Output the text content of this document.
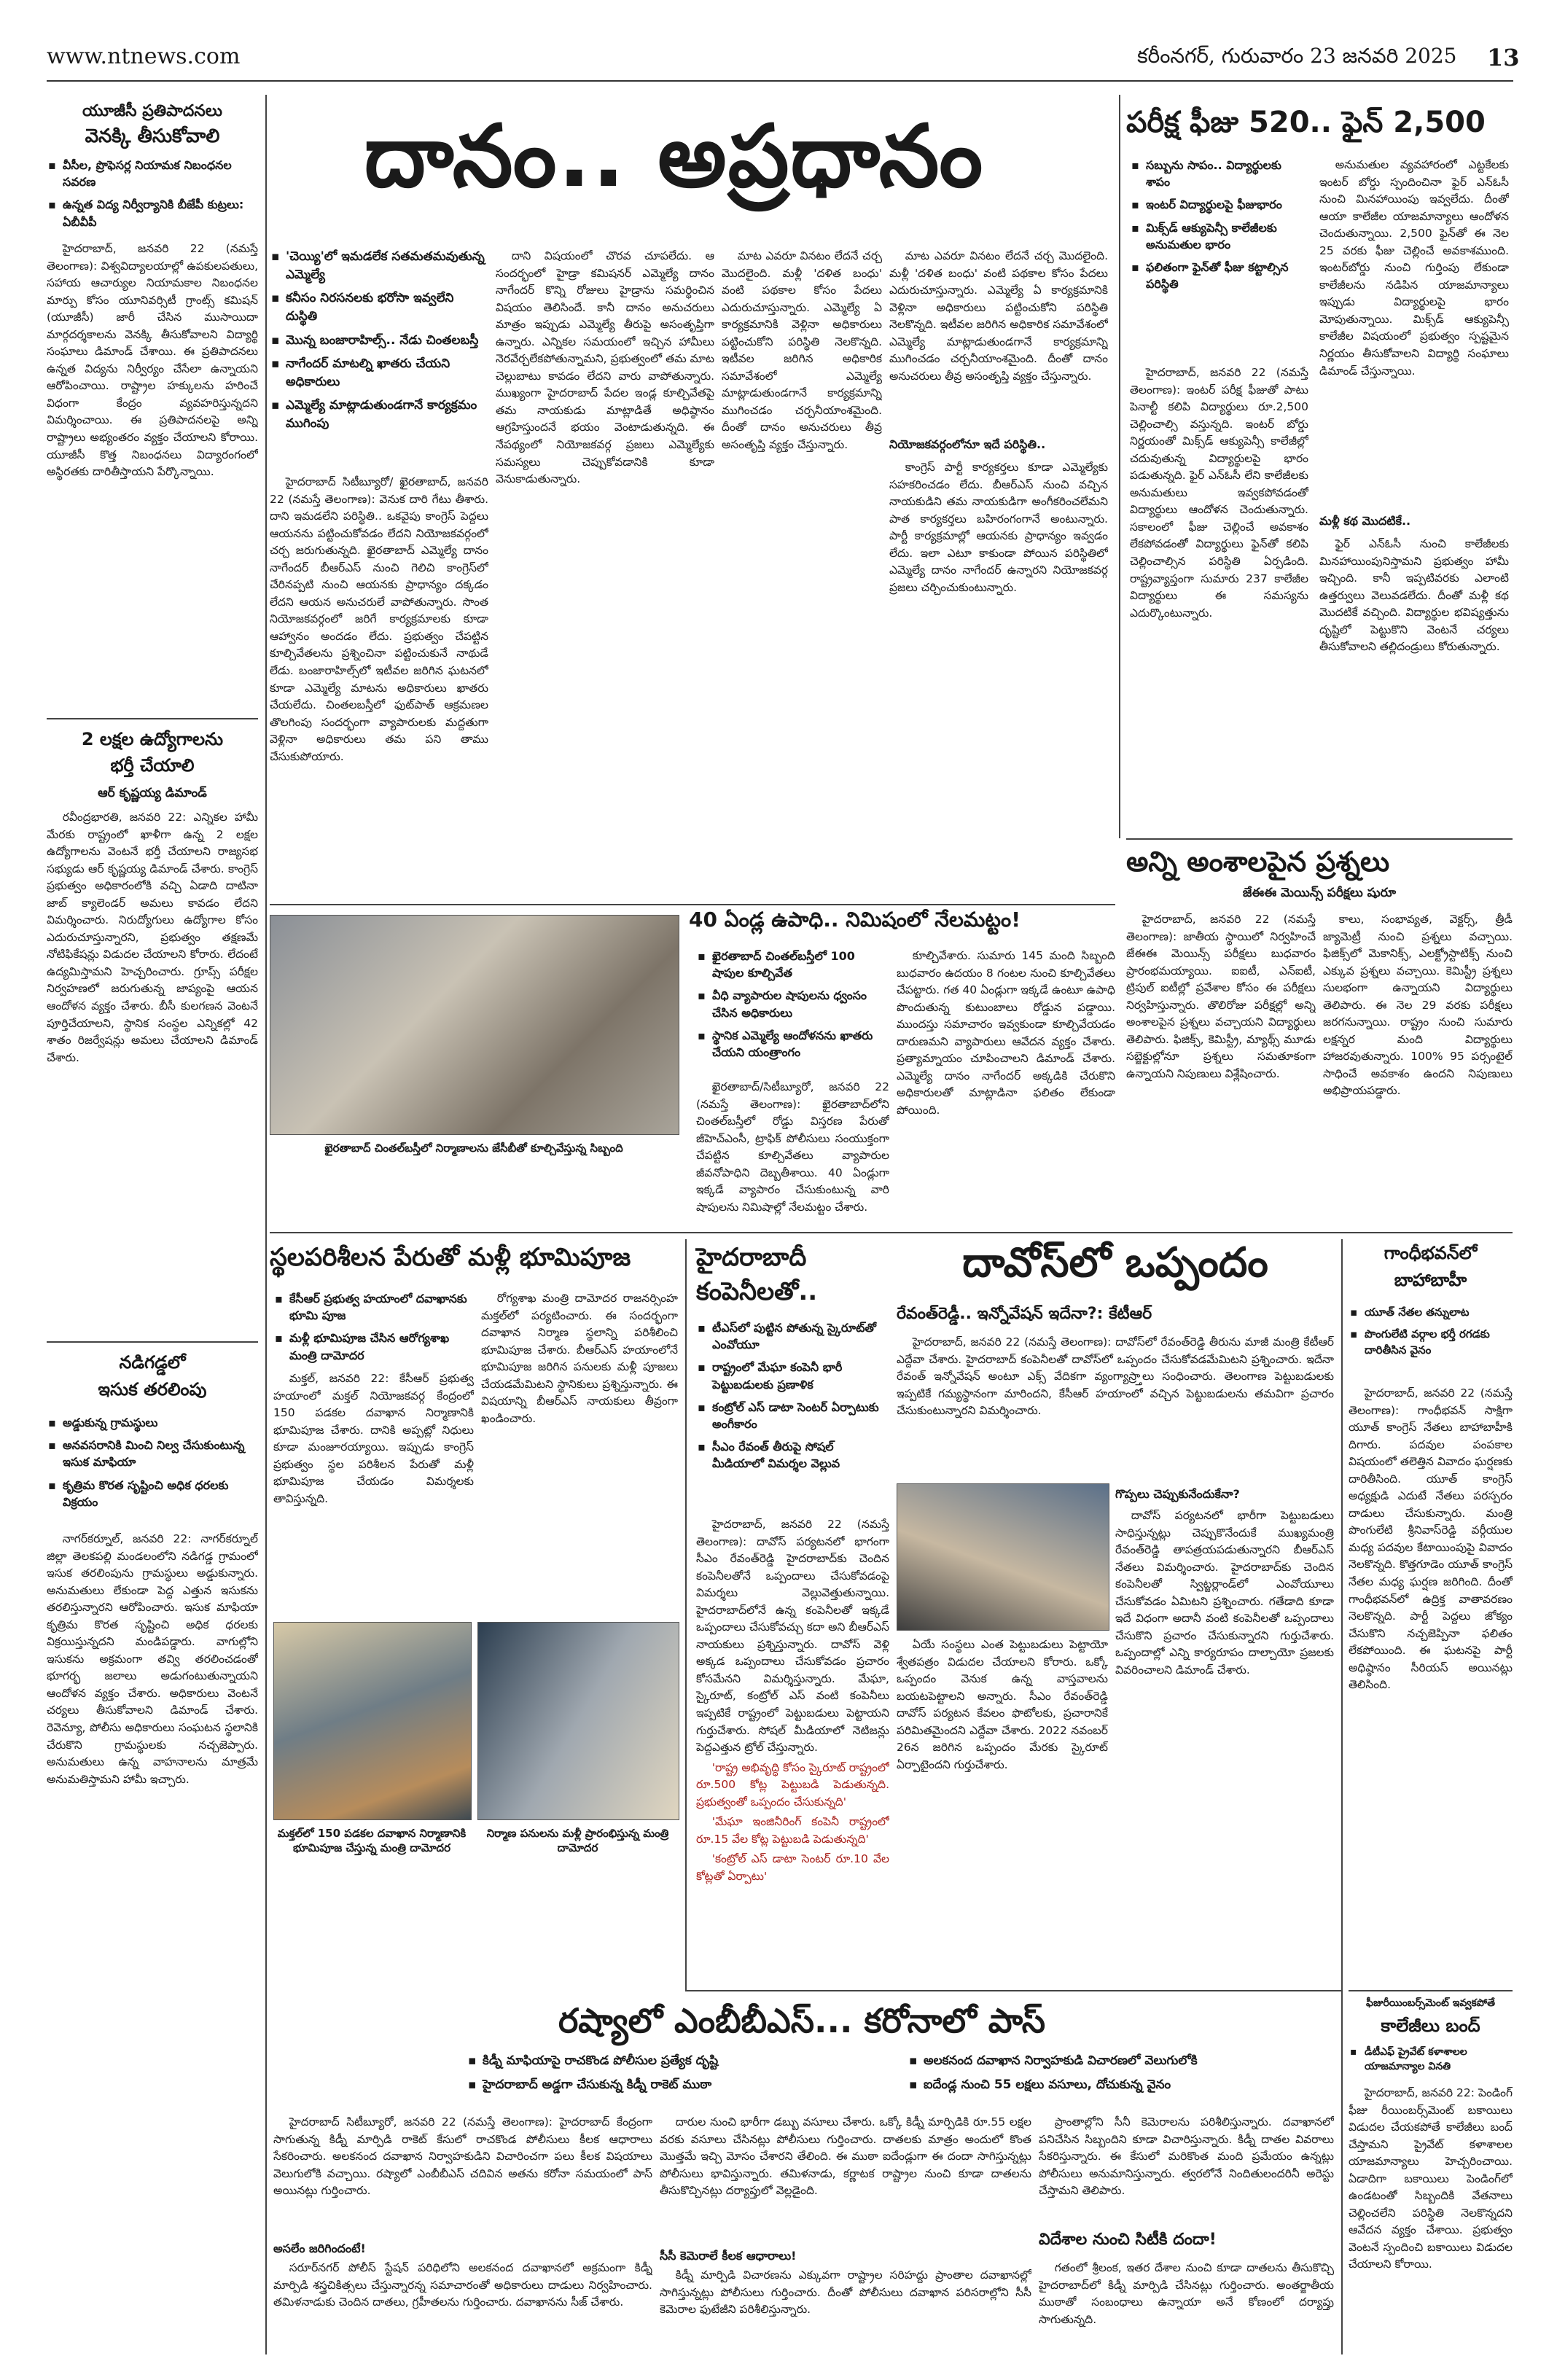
www.ntnews.com	కరీంనగర్, గురువారం 23 జనవరి 2025 13
యూజీసీ ప్రతిపాదనలు
వెనక్కి తీసుకోవాలి
▪ వీసీల, ప్రొఫెసర్ల నియామక నిబంధనల సవరణ
▪ ఉన్నత విద్య నిర్వీర్యానికి బీజేపీ కుట్రలు: ఏబీవీపీ

హైదరాబాద్‌, జనవరి 22 (నమస్తే తెలంగాణ): విశ్వవిద్యాలయాల్లో ఉపకులపతులు, సహాయ ఆచార్యుల నియామకాల నిబంధనల మార్పు కోసం యూనివర్సిటీ గ్రాంట్స్‌ కమిషన్‌ (యూజీసీ) జారీ చేసిన ముసాయిదా మార్గదర్శకాలను వెనక్కి తీసుకోవాలని విద్యార్థి సంఘాలు డిమాండ్‌ చేశాయి. ఈ ప్రతిపాదనలు ఉన్నత విద్యను నిర్వీర్యం చేసేలా ఉన్నాయని ఆరోపించాయి. రాష్ట్రాల హక్కులను హరించే విధంగా కేంద్రం వ్యవహరిస్తున్నదని విమర్శించాయి. ఈ ప్రతిపాదనలపై అన్ని రాష్ట్రాలు అభ్యంతరం వ్యక్తం చేయాలని కోరాయి. యూజీసీ కొత్త నిబంధనలు విద్యారంగంలో అస్థిరతకు దారితీస్తాయని పేర్కొన్నాయి.

2 లక్షల ఉద్యోగాలను
భర్తీ చేయాలి
ఆర్‌ కృష్ణయ్య డిమాండ్‌

రవీంద్రభారతి, జనవరి 22: ఎన్నికల హామీ మేరకు రాష్ట్రంలో ఖాళీగా ఉన్న 2 లక్షల ఉద్యోగాలను వెంటనే భర్తీ చేయాలని రాజ్యసభ సభ్యుడు ఆర్‌ కృష్ణయ్య డిమాండ్‌ చేశారు. కాంగ్రెస్‌ ప్రభుత్వం అధికారంలోకి వచ్చి ఏడాది దాటినా జాబ్‌ క్యాలెండర్‌ అమలు కావడం లేదని విమర్శించారు. నిరుద్యోగులు ఉద్యోగాల కోసం ఎదురుచూస్తున్నారని, ప్రభుత్వం తక్షణమే నోటిఫికేషన్లు విడుదల చేయాలని కోరారు. లేదంటే ఉద్యమిస్తామని హెచ్చరించారు. గ్రూప్స్‌ పరీక్షల నిర్వహణలో జరుగుతున్న జాప్యంపై ఆయన ఆందోళన వ్యక్తం చేశారు. బీసీ కులగణన వెంటనే పూర్తిచేయాలని, స్థానిక సంస్థల ఎన్నికల్లో 42 శాతం రిజర్వేషన్లు అమలు చేయాలని డిమాండ్‌ చేశారు.

నడిగడ్డలో
ఇసుక తరలింపు
▪ అడ్డుకున్న గ్రామస్థులు
▪ అనవసరానికి మించి నిల్వ చేసుకుంటున్న ఇసుక మాఫియా
▪ కృత్రిమ కొరత సృష్టించి అధిక ధరలకు విక్రయం

నాగర్‌కర్నూల్‌, జనవరి 22: నాగర్‌కర్నూల్‌ జిల్లా తెలకపల్లి మండలంలోని నడిగడ్డ గ్రామంలో ఇసుక తరలింపును గ్రామస్థులు అడ్డుకున్నారు. అనుమతులు లేకుండా పెద్ద ఎత్తున ఇసుకను తరలిస్తున్నారని ఆరోపించారు. ఇసుక మాఫియా కృత్రిమ కొరత సృష్టించి అధిక ధరలకు విక్రయిస్తున్నదని మండిపడ్డారు. వాగుల్లోని ఇసుకను అక్రమంగా తవ్వి తరలించడంతో భూగర్భ జలాలు అడుగంటుతున్నాయని ఆందోళన వ్యక్తం చేశారు. అధికారులు వెంటనే చర్యలు తీసుకోవాలని డిమాండ్‌ చేశారు. రెవెన్యూ, పోలీసు అధికారులు సంఘటన స్థలానికి చేరుకొని గ్రామస్థులకు నచ్చజెప్పారు. అనుమతులు ఉన్న వాహనాలను మాత్రమే అనుమతిస్తామని హామీ ఇచ్చారు.

దానం.. అప్రధానం
▪ 'చెయ్యి'లో ఇమడలేక సతమతమవుతున్న ఎమ్మెల్యే
▪ కనీసం నిరసనలకు భరోసా ఇవ్వలేని దుస్థితి
▪ మొన్న బంజారాహిల్స్‌.. నేడు చింతలబస్తీ
▪ నాగేందర్‌ మాటల్ని ఖాతరు చేయని అధికారులు
▪ ఎమ్మెల్యే మాట్లాడుతుండగానే కార్యక్రమం ముగింపు

హైదరాబాద్‌ సిటీబ్యూరో/ ఖైరతాబాద్‌, జనవరి 22 (నమస్తే తెలంగాణ): వెనుక దారి గేటు తీశారు. దాని ఇమడలేని పరిస్థితి.. ఒకవైపు కాంగ్రెస్‌ పెద్దలు ఆయనను పట్టించుకోవడం లేదని నియోజకవర్గంలో చర్చ జరుగుతున్నది. ఖైరతాబాద్‌ ఎమ్మెల్యే దానం నాగేందర్‌ బీఆర్‌ఎస్‌ నుంచి గెలిచి కాంగ్రెస్‌లో చేరినప్పటి నుంచి ఆయనకు ప్రాధాన్యం దక్కడం లేదని ఆయన అనుచరులే వాపోతున్నారు. సొంత నియోజకవర్గంలో జరిగే కార్యక్రమాలకు కూడా ఆహ్వానం అందడం లేదు. ప్రభుత్వం చేపట్టిన కూల్చివేతలను ప్రశ్నించినా పట్టించుకునే నాథుడే లేడు. బంజారాహిల్స్‌లో ఇటీవల జరిగిన ఘటనలో కూడా ఎమ్మెల్యే మాటను అధికారులు ఖాతరు చేయలేదు. చింతలబస్తీలో ఫుట్‌పాత్‌ ఆక్రమణల తొలగింపు సందర్భంగా వ్యాపారులకు మద్దతుగా వెళ్లినా అధికారులు తమ పని తాము చేసుకుపోయారు.

దాని విషయంలో చొరవ చూపలేదు. ఆ సందర్భంలో హైడ్రా కమిషనర్‌ ఎమ్మెల్యే దానం నాగేందర్‌ కొన్ని రోజులు హైడ్రాను సమర్థించిన విషయం తెలిసిందే. కానీ దానం అనుచరులు మాత్రం ఇప్పుడు ఎమ్మెల్యే తీరుపై అసంతృప్తిగా ఉన్నారు. ఎన్నికల సమయంలో ఇచ్చిన హామీలు నెరవేర్చలేకపోతున్నామని, ప్రభుత్వంలో తమ మాట చెల్లుబాటు కావడం లేదని వారు వాపోతున్నారు. ముఖ్యంగా హైదరాబాద్‌ పేదల ఇండ్ల కూల్చివేతపై తమ నాయకుడు మాట్లాడితే అధిష్ఠానం ఆగ్రహిస్తుందనే భయం వెంటాడుతున్నది. ఈ నేపథ్యంలో నియోజకవర్గ ప్రజలు ఎమ్మెల్యేకు సమస్యలు చెప్పుకోవడానికి కూడా వెనుకాడుతున్నారు.

మాట ఎవరూ వినటం లేదనే చర్చ మొదలైంది. మళ్లీ 'దళిత బంధు' వంటి పథకాల కోసం పేదలు ఎదురుచూస్తున్నారు. ఎమ్మెల్యే ఏ కార్యక్రమానికి వెళ్లినా అధికారులు పట్టించుకోని పరిస్థితి నెలకొన్నది. ఇటీవల జరిగిన అధికారిక సమావేశంలో ఎమ్మెల్యే మాట్లాడుతుండగానే కార్యక్రమాన్ని ముగించడం చర్చనీయాంశమైంది. దీంతో దానం అనుచరులు తీవ్ర అసంతృప్తి వ్యక్తం చేస్తున్నారు.	నియోజకవర్గంలోనూ ఇదే పరిస్థితి..

మాట ఎవరూ వినటం లేదనే చర్చ మొదలైంది. మళ్లీ 'దళిత బంధు' వంటి పథకాల కోసం పేదలు ఎదురుచూస్తున్నారు. ఎమ్మెల్యే ఏ కార్యక్రమానికి వెళ్లినా అధికారులు పట్టించుకోని పరిస్థితి నెలకొన్నది. ఇటీవల జరిగిన అధికారిక సమావేశంలో ఎమ్మెల్యే మాట్లాడుతుండగానే కార్యక్రమాన్ని ముగించడం చర్చనీయాంశమైంది. దీంతో దానం అనుచరులు తీవ్ర అసంతృప్తి వ్యక్తం చేస్తున్నారు.

కాంగ్రెస్‌ పార్టీ కార్యకర్తలు కూడా ఎమ్మెల్యేకు సహకరించడం లేదు. బీఆర్‌ఎస్‌ నుంచి వచ్చిన నాయకుడిని తమ నాయకుడిగా అంగీకరించలేమని పాత కార్యకర్తలు బహిరంగంగానే అంటున్నారు. పార్టీ కార్యక్రమాల్లో ఆయనకు ప్రాధాన్యం ఇవ్వడం లేదు. ఇలా ఎటూ కాకుండా పోయిన పరిస్థితిలో ఎమ్మెల్యే దానం నాగేందర్‌ ఉన్నారని నియోజకవర్గ ప్రజలు చర్చించుకుంటున్నారు.

పరీక్ష ఫీజు 520.. ఫైన్‌ 2,500
▪ సబ్బును సాపం.. విద్యార్థులకు శాపం
▪ ఇంటర్‌ విద్యార్థులపై ఫీజుభారం
▪ మిక్స్‌డ్‌ ఆక్యుపెన్సీ కాలేజీలకు అనుమతుల భారం
▪ ఫలితంగా ఫైన్‌తో ఫీజు కట్టాల్సిన పరిస్థితి

హైదరాబాద్‌, జనవరి 22 (నమస్తే తెలంగాణ): ఇంటర్‌ పరీక్ష ఫీజుతో పాటు పెనాల్టీ కలిపి విద్యార్థులు రూ.2,500 చెల్లించాల్సి వస్తున్నది. ఇంటర్‌ బోర్డు నిర్ణయంతో మిక్స్‌డ్‌ ఆక్యుపెన్సీ కాలేజీల్లో చదువుతున్న విద్యార్థులపై భారం పడుతున్నది. ఫైర్‌ ఎన్‌ఓసీ లేని కాలేజీలకు అనుమతులు ఇవ్వకపోవడంతో విద్యార్థులు ఆందోళన చెందుతున్నారు. సకాలంలో ఫీజు చెల్లించే అవకాశం లేకపోవడంతో విద్యార్థులు ఫైన్‌తో కలిపి చెల్లించాల్సిన పరిస్థితి ఏర్పడింది. రాష్ట్రవ్యాప్తంగా సుమారు 237 కాలేజీల విద్యార్థులు ఈ సమస్యను ఎదుర్కొంటున్నారు.

అనుమతుల వ్యవహారంలో ఎట్టకేలకు ఇంటర్‌ బోర్డు స్పందించినా ఫైర్‌ ఎన్‌ఓసీ నుంచి మినహాయింపు ఇవ్వలేదు. దీంతో ఆయా కాలేజీల యాజమాన్యాలు ఆందోళన చెందుతున్నాయి. 2,500 ఫైన్‌తో ఈ నెల 25 వరకు ఫీజు చెల్లించే అవకాశముంది. ఇంటర్‌బోర్డు నుంచి గుర్తింపు లేకుండా కాలేజీలను నడిపిన యాజమాన్యాలు ఇప్పుడు విద్యార్థులపై భారం మోపుతున్నాయి. మిక్స్‌డ్‌ ఆక్యుపెన్సీ కాలేజీల విషయంలో ప్రభుత్వం స్పష్టమైన నిర్ణయం తీసుకోవాలని విద్యార్థి సంఘాలు డిమాండ్‌ చేస్తున్నాయి.

మళ్లీ కథ మొదటికే..

ఫైర్‌ ఎన్‌ఓసీ నుంచి కాలేజీలకు మినహాయింపునిస్తామని ప్రభుత్వం హామీ ఇచ్చింది. కానీ ఇప్పటివరకు ఎలాంటి ఉత్తర్వులు వెలువడలేదు. దీంతో మళ్లీ కథ మొదటికే వచ్చింది. విద్యార్థుల భవిష్యత్తును దృష్టిలో పెట్టుకొని వెంటనే చర్యలు తీసుకోవాలని తల్లిదండ్రులు కోరుతున్నారు.

అన్ని అంశాలపైన ప్రశ్నలు
జేఈఈ మెయిన్స్‌ పరీక్షలు షురూ

హైదరాబాద్‌, జనవరి 22 (నమస్తే తెలంగాణ): జాతీయ స్థాయిలో నిర్వహించే జేఈఈ మెయిన్స్‌ పరీక్షలు బుధవారం ప్రారంభమయ్యాయి. ఐఐటీ, ఎన్‌ఐటీ, ట్రిపుల్‌ ఐటీల్లో ప్రవేశాల కోసం ఈ పరీక్షలు నిర్వహిస్తున్నారు. తొలిరోజు పరీక్షల్లో అన్ని అంశాలపైన ప్రశ్నలు వచ్చాయని విద్యార్థులు తెలిపారు. ఫిజిక్స్‌, కెమిస్ట్రీ, మ్యాథ్స్‌ మూడు సబ్జెక్టుల్లోనూ ప్రశ్నలు సమతూకంగా ఉన్నాయని నిపుణులు విశ్లేషించారు.

కాలు, సంభావ్యత, వెక్టర్స్‌, త్రీడీ జ్యామెట్రీ నుంచి ప్రశ్నలు వచ్చాయి. ఫిజిక్స్‌లో మెకానిక్స్‌, ఎలక్ట్రోస్టాటిక్స్‌ నుంచి ఎక్కువ ప్రశ్నలు వచ్చాయి. కెమిస్ట్రీ ప్రశ్నలు సులభంగా ఉన్నాయని విద్యార్థులు తెలిపారు. ఈ నెల 29 వరకు పరీక్షలు జరగనున్నాయి. రాష్ట్రం నుంచి సుమారు లక్షన్నర మంది విద్యార్థులు హాజరవుతున్నారు. 100% 95 పర్సంటైల్‌ సాధించే అవకాశం ఉందని నిపుణులు అభిప్రాయపడ్డారు.

ఖైరతాబాద్‌ చింతల్‌బస్తీలో నిర్మాణాలను జేసీబీతో కూల్చివేస్తున్న సిబ్బంది
40 ఏండ్ల ఉపాధి.. నిమిషంలో నేలమట్టం!
▪ ఖైరతాబాద్‌ చింతల్‌బస్తీలో 100 షాపుల కూల్చివేత
▪ వీధి వ్యాపారుల షాపులను ధ్వంసం చేసిన అధికారులు
▪ స్థానిక ఎమ్మెల్యే ఆందోళనను ఖాతరు చేయని యంత్రాంగం

ఖైరతాబాద్‌/సిటీబ్యూరో, జనవరి 22 (నమస్తే తెలంగాణ): ఖైరతాబాద్‌లోని చింతల్‌బస్తీలో రోడ్డు విస్తరణ పేరుతో జీహెచ్‌ఎంసీ, ట్రాఫిక్‌ పోలీసులు సంయుక్తంగా చేపట్టిన కూల్చివేతలు వ్యాపారుల జీవనోపాధిని దెబ్బతీశాయి. 40 ఏండ్లుగా ఇక్కడే వ్యాపారం చేసుకుంటున్న వారి షాపులను నిమిషాల్లో నేలమట్టం చేశారు.

కూల్చివేశారు. సుమారు 145 మంది సిబ్బంది బుధవారం ఉదయం 8 గంటల నుంచి కూల్చివేతలు చేపట్టారు. గత 40 ఏండ్లుగా ఇక్కడే ఉంటూ ఉపాధి పొందుతున్న కుటుంబాలు రోడ్డున పడ్డాయి. ముందస్తు సమాచారం ఇవ్వకుండా కూల్చివేయడం దారుణమని వ్యాపారులు ఆవేదన వ్యక్తం చేశారు. ప్రత్యామ్నాయం చూపించాలని డిమాండ్‌ చేశారు. ఎమ్మెల్యే దానం నాగేందర్‌ అక్కడికి చేరుకొని అధికారులతో మాట్లాడినా ఫలితం లేకుండా పోయింది.

స్థలపరిశీలన పేరుతో మళ్లీ భూమిపూజ
▪ కేసీఆర్‌ ప్రభుత్వ హయాంలో దవాఖానకు భూమి పూజ
▪ మళ్లీ భూమిపూజ చేసిన ఆరోగ్యశాఖ మంత్రి దామోదర

మక్తల్‌, జనవరి 22: కేసీఆర్‌ ప్రభుత్వ హయాంలో మక్తల్‌ నియోజకవర్గ కేంద్రంలో 150 పడకల దవాఖాన నిర్మాణానికి భూమిపూజ చేశారు. దానికి అప్పట్లో నిధులు కూడా మంజూరయ్యాయి. ఇప్పుడు కాంగ్రెస్‌ ప్రభుత్వం స్థల పరిశీలన పేరుతో మళ్లీ భూమిపూజ చేయడం విమర్శలకు తావిస్తున్నది.

రోగ్యశాఖ మంత్రి దామోదర రాజనర్సింహ మక్తల్‌లో పర్యటించారు. ఈ సందర్భంగా దవాఖాన నిర్మాణ స్థలాన్ని పరిశీలించి భూమిపూజ చేశారు. బీఆర్‌ఎస్‌ హయాంలోనే భూమిపూజ జరిగిన పనులకు మళ్లీ పూజలు చేయడమేమిటని స్థానికులు ప్రశ్నిస్తున్నారు. ఈ విషయాన్ని బీఆర్‌ఎస్‌ నాయకులు తీవ్రంగా ఖండించారు.

మక్తల్‌లో 150 పడకల దవాఖాన నిర్మాణానికి భూమిపూజ చేస్తున్న మంత్రి దామోదర
నిర్మాణ పనులను మళ్లీ ప్రారంభిస్తున్న మంత్రి దామోదర
హైదరాబాదీ
కంపెనీలతో..
▪ టీఎస్‌లో పుట్టిన పోతున్న స్కైరూట్‌తో ఎంవోయూ
▪ రాష్ట్రంలో మేఘా కంపెనీ భారీ పెట్టుబడులకు ప్రణాళిక
▪ కంట్రోల్‌ ఎస్‌ డాటా సెంటర్‌ ఏర్పాటుకు అంగీకారం
▪ సీఎం రేవంత్‌ తీరుపై సోషల్‌ మీడియాలో విమర్శల వెల్లువ

హైదరాబాద్‌, జనవరి 22 (నమస్తే తెలంగాణ): దావోస్‌ పర్యటనలో భాగంగా సీఎం రేవంత్‌రెడ్డి హైదరాబాద్‌కు చెందిన కంపెనీలతోనే ఒప్పందాలు చేసుకోవడంపై విమర్శలు వెల్లువెత్తుతున్నాయి. హైదరాబాద్‌లోనే ఉన్న కంపెనీలతో ఇక్కడే ఒప్పందాలు చేసుకోవచ్చు కదా అని బీఆర్‌ఎస్‌ నాయకులు ప్రశ్నిస్తున్నారు. దావోస్‌ వెళ్లి అక్కడ ఒప్పందాలు చేసుకోవడం ప్రచారం కోసమేనని విమర్శిస్తున్నారు. మేఘా, స్కైరూట్‌, కంట్రోల్‌ ఎస్‌ వంటి కంపెనీలు ఇప్పటికే రాష్ట్రంలో పెట్టుబడులు పెట్టాయని గుర్తుచేశారు. సోషల్‌ మీడియాలో నెటిజన్లు పెద్దఎత్తున ట్రోల్‌ చేస్తున్నారు.

'రాష్ట్ర అభివృద్ధి కోసం స్కైరూట్‌ రాష్ట్రంలో రూ.500 కోట్ల పెట్టుబడి పెడుతున్నది. ప్రభుత్వంతో ఒప్పందం చేసుకున్నది'

'మేఘా ఇంజినీరింగ్‌ కంపెనీ రాష్ట్రంలో రూ.15 వేల కోట్ల పెట్టుబడి పెడుతున్నది'

'కంట్రోల్‌ ఎస్‌ డాటా సెంటర్‌ రూ.10 వేల కోట్లతో ఏర్పాటు'

దావోస్‌లో ఒప్పందం
రేవంత్‌రెడ్డీ.. ఇన్నోవేషన్‌ ఇదేనా?: కేటీఆర్‌

హైదరాబాద్‌, జనవరి 22 (నమస్తే తెలంగాణ): దావోస్‌లో రేవంత్‌రెడ్డి తీరును మాజీ మంత్రి కేటీఆర్‌ ఎద్దేవా చేశారు. హైదరాబాద్‌ కంపెనీలతో దావోస్‌లో ఒప్పందం చేసుకోవడమేమిటని ప్రశ్నించారు. ఇదేనా రేవంత్‌ ఇన్నోవేషన్‌ అంటూ ఎక్స్‌ వేదికగా వ్యంగ్యాస్ర్తాలు సంధించారు. తెలంగాణ పెట్టుబడులకు ఇప్పటికే గమ్యస్థానంగా మారిందని, కేసీఆర్‌ హయాంలో వచ్చిన పెట్టుబడులను తమవిగా ప్రచారం చేసుకుంటున్నారని విమర్శించారు.

ఏయే సంస్థలు ఎంత పెట్టుబడులు పెట్టాయో శ్వేతపత్రం విడుదల చేయాలని కోరారు. ఒక్కో ఒప్పందం వెనుక ఉన్న వాస్తవాలను బయటపెట్టాలని అన్నారు. సీఎం రేవంత్‌రెడ్డి దావోస్‌ పర్యటన కేవలం ఫొటోలకు, ప్రచారానికే పరిమితమైందని ఎద్దేవా చేశారు. 2022 నవంబర్‌ 26న జరిగిన ఒప్పందం మేరకు స్కైరూట్‌ ఏర్పాటైందని గుర్తుచేశారు.

గొప్పలు చెప్పుకునేందుకేనా?

దావోస్‌ పర్యటనలో భారీగా పెట్టుబడులు సాధిస్తున్నట్లు చెప్పుకొనేందుకే ముఖ్యమంత్రి రేవంత్‌రెడ్డి తాపత్రయపడుతున్నారని బీఆర్‌ఎస్‌ నేతలు విమర్శించారు. హైదరాబాద్‌కు చెందిన కంపెనీలతో స్విట్జర్లాండ్‌లో ఎంవోయూలు చేసుకోవడం ఏమిటని ప్రశ్నించారు. గతేడాది కూడా ఇదే విధంగా అదానీ వంటి కంపెనీలతో ఒప్పందాలు చేసుకొని ప్రచారం చేసుకున్నారని గుర్తుచేశారు. ఒప్పందాల్లో ఎన్ని కార్యరూపం దాల్చాయో ప్రజలకు వివరించాలని డిమాండ్‌ చేశారు.

గాంధీభవన్‌లో
బాహాబాహీ
▪ యూత్‌ నేతల తన్నులాట
▪ పొంగులేటి వర్గాల భర్తీ రగడకు దారితీసిన వైనం

హైదరాబాద్‌, జనవరి 22 (నమస్తే తెలంగాణ): గాంధీభవన్‌ సాక్షిగా యూత్‌ కాంగ్రెస్‌ నేతలు బాహాబాహీకి దిగారు. పదవుల పంపకాల విషయంలో తలెత్తిన వివాదం ఘర్షణకు దారితీసింది. యూత్‌ కాంగ్రెస్‌ అధ్యక్షుడి ఎదుటే నేతలు పరస్పరం దాడులు చేసుకున్నారు. మంత్రి పొంగులేటి శ్రీనివాస్‌రెడ్డి వర్గీయుల మధ్య పదవుల కేటాయింపుపై వివాదం నెలకొన్నది. కొత్తగూడెం యూత్‌ కాంగ్రెస్‌ నేతల మధ్య ఘర్షణ జరిగింది. దీంతో గాంధీభవన్‌లో ఉద్రిక్త వాతావరణం నెలకొన్నది. పార్టీ పెద్దలు జోక్యం చేసుకొని నచ్చజెప్పినా ఫలితం లేకపోయింది. ఈ ఘటనపై పార్టీ అధిష్ఠానం సీరియస్‌ అయినట్లు తెలిసింది.

ఫీజురీయింబర్స్‌మెంట్‌ ఇవ్వకపోతే
కాలేజీలు బంద్‌
▪ డీటీఎఫ్‌ ప్రైవేట్‌ కళాశాలల యాజమాన్యాల వినతి

హైదరాబాద్‌, జనవరి 22: పెండింగ్‌ ఫీజు రీయింబర్స్‌మెంట్‌ బకాయిలు విడుదల చేయకపోతే కాలేజీలు బంద్‌ చేస్తామని ప్రైవేట్‌ కళాశాలల యాజమాన్యాలు హెచ్చరించాయి. ఏడాదిగా బకాయిలు పెండింగ్‌లో ఉండటంతో సిబ్బందికి వేతనాలు చెల్లించలేని పరిస్థితి నెలకొన్నదని ఆవేదన వ్యక్తం చేశాయి. ప్రభుత్వం వెంటనే స్పందించి బకాయిలు విడుదల చేయాలని కోరాయి.

రష్యాలో ఎంబీబీఎస్‌... కరోనాలో పాస్‌
▪ కిడ్నీ మాఫియాపై రాచకొండ పోలీసుల ప్రత్యేక దృష్టి
▪ హైదరాబాద్‌ అడ్డగా చేసుకున్న కిడ్నీ రాకెట్‌ ముఠా
▪ అలకనంద దవాఖాన నిర్వాహకుడి విచారణలో వెలుగులోకి
▪ ఐదేండ్ల నుంచి 55 లక్షలు వసూలు, దోచుకున్న వైనం

హైదరాబాద్‌ సిటీబ్యూరో, జనవరి 22 (నమస్తే తెలంగాణ): హైదరాబాద్‌ కేంద్రంగా సాగుతున్న కిడ్నీ మార్పిడి రాకెట్‌ కేసులో రాచకొండ పోలీసులు కీలక ఆధారాలు సేకరించారు. అలకనంద దవాఖాన నిర్వాహకుడిని విచారించగా పలు కీలక విషయాలు వెలుగులోకి వచ్చాయి. రష్యాలో ఎంబీబీఎస్‌ చదివిన అతను కరోనా సమయంలో పాస్‌ అయినట్లు గుర్తించారు.

అసలేం జరిగిందంటే!

సరూర్‌నగర్‌ పోలీస్‌ స్టేషన్‌ పరిధిలోని అలకనంద దవాఖానలో అక్రమంగా కిడ్నీ మార్పిడి శస్త్రచికిత్సలు చేస్తున్నారన్న సమాచారంతో అధికారులు దాడులు నిర్వహించారు. తమిళనాడుకు చెందిన దాతలు, గ్రహీతలను గుర్తించారు. దవాఖానను సీజ్‌ చేశారు.

దారుల నుంచి భారీగా డబ్బు వసూలు చేశారు. ఒక్కో కిడ్నీ మార్పిడికి రూ.55 లక్షల వరకు వసూలు చేసినట్లు పోలీసులు గుర్తించారు. దాతలకు మాత్రం అందులో కొంత మొత్తమే ఇచ్చి మోసం చేశారని తేలింది. ఈ ముఠా ఐదేండ్లుగా ఈ దందా సాగిస్తున్నట్లు పోలీసులు భావిస్తున్నారు. తమిళనాడు, కర్ణాటక రాష్ట్రాల నుంచి కూడా దాతలను తీసుకొచ్చినట్లు దర్యాప్తులో వెల్లడైంది.

సీసీ కెమెరాలే కీలక ఆధారాలు!

కిడ్నీ మార్పిడి విచారణను ఎక్కువగా రాష్ట్రాల సరిహద్దు ప్రాంతాల దవాఖానల్లో సాగిస్తున్నట్లు పోలీసులు గుర్తించారు. దీంతో పోలీసులు దవాఖాన పరిసరాల్లోని సీసీ కెమెరాల ఫుటేజీని పరిశీలిస్తున్నారు.

ప్రాంతాల్లోని సీనీ కెమెరాలను పరిశీలిస్తున్నారు. దవాఖానలో పనిచేసిన సిబ్బందిని కూడా విచారిస్తున్నారు. కిడ్నీ దాతల వివరాలు సేకరిస్తున్నారు. ఈ కేసులో మరికొంత మంది ప్రమేయం ఉన్నట్లు పోలీసులు అనుమానిస్తున్నారు. త్వరలోనే నిందితులందరినీ అరెస్టు చేస్తామని తెలిపారు.

విదేశాల నుంచి సిటీకి దందా!

గతంలో శ్రీలంక, ఇతర దేశాల నుంచి కూడా దాతలను తీసుకొచ్చి హైదరాబాద్‌లో కిడ్నీ మార్పిడి చేసినట్లు గుర్తించారు. అంతర్జాతీయ ముఠాతో సంబంధాలు ఉన్నాయా అనే కోణంలో దర్యాప్తు సాగుతున్నది.
